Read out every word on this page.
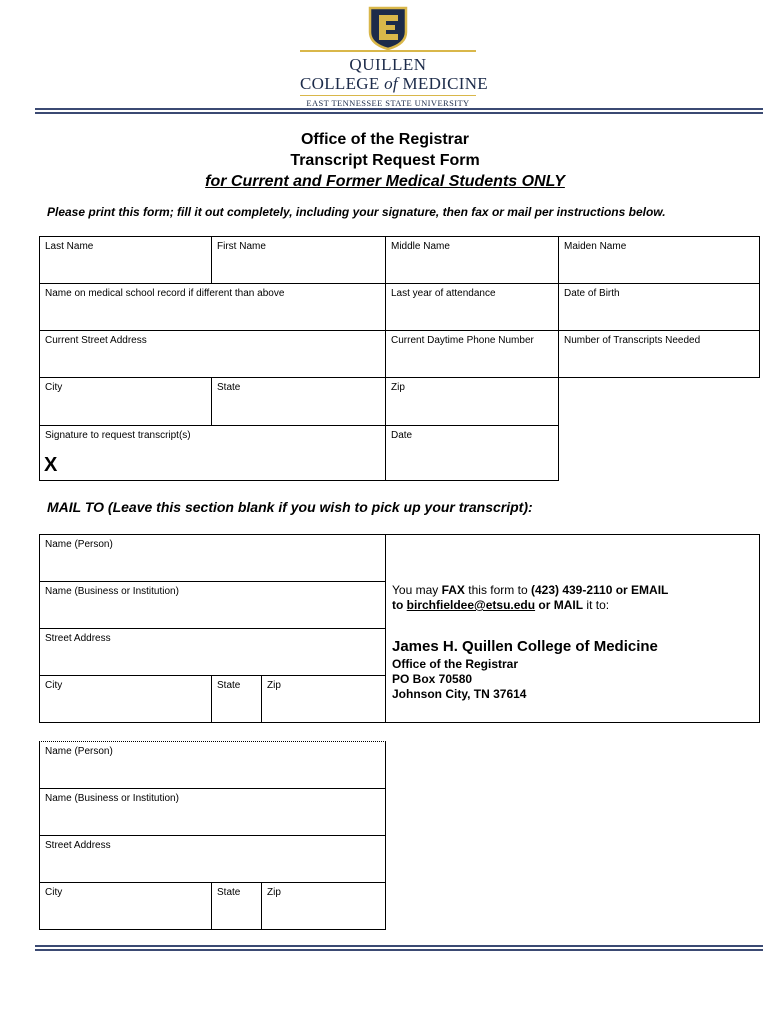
QUILLEN
COLLEGE of MEDICINE
EAST TENNESSEE STATE UNIVERSITY
Office of the Registrar
Transcript Request Form
for Current and Former Medical Students ONLY
Please print this form; fill it out completely, including your signature, then fax or mail per instructions below.
Last Name	First Name	Middle Name	Maiden Name
Name on medical school record if different than above	Last year of attendance	Date of Birth
Current Street Address	Current Daytime Phone Number	Number of Transcripts Needed
City	State	Zip
Signature to request transcript(s)	Date
X
MAIL TO (Leave this section blank if you wish to pick up your transcript):
Name (Person)
Name (Business or Institution)
Street Address
City	State	Zip
You may FAX this form to (423) 439-2110 or EMAIL
to birchfieldee@etsu.edu or MAIL it to:
James H. Quillen College of Medicine
Office of the Registrar
PO Box 70580
Johnson City, TN 37614
Name (Person)
Name (Business or Institution)
Street Address
City	State	Zip
